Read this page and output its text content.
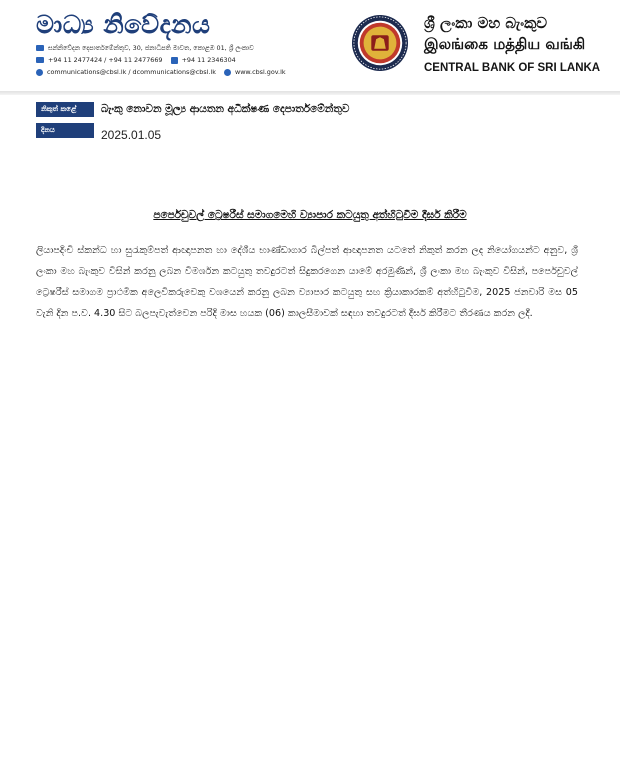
මාධ්‍ය නිවේදනය
සන්නිවේදන දෙපාර්තමේන්තුව, 30, ජනාධිපති මාවත, කොළඹ 01, ශ්‍රී ලංකාව
+94 11 2477424 / +94 11 2477669	+94 11 2346304
communications@cbsl.lk / dcommunications@cbsl.lk	www.cbsl.gov.lk
ශ්‍රී ලංකා මහ බැංකුව
இலங்கை மத்திய வங்கி
CENTRAL BANK OF SRI LANKA
නිකුත් කළේ	බැංකු නොවන මූල්‍ය ආයතන අධීක්ෂණ දෙපාර්තමේන්තුව
දිනය	2025.01.05
පර්පෙචුවල් ට්‍රෙෂරීස් සමාගමෙහි ව්‍යාපාර කටයුතු අත්හිටුවීම දීර්ඝ කිරීම
ලියාපදිංචි ස්කන්ධ හා සුරැකුම්පත් ආඥාපනත හා දේශීය භාණ්ඩාගාර බිල්පත් ආඥාපනත යටතේ නිකුත් කරන ලද නියෝගයන්ට අනුව, ශ්‍රී ලංකා මහ බැංකුව විසින් කරනු ලබන විමර්ශන කටයුතු තවදුරටත් සිදුකරගෙන යාමේ අරමුණින්, ශ්‍රී ලංකා මහ බැංකුව විසින්, පර්පෙචුවල් ට්‍රෙෂරීස් සමාගම ප්‍රාථමික අලෙවිකරුවෙකු වශයෙන් කරනු ලබන ව්‍යාපාර කටයුතු සහ ක්‍රියාකාරකම් අත්හිටුවීම, 2025 ජනවාරි මස 05 වැනි දින ප.ව. 4.30 සිට බලපැවැත්වෙන පරිදි මාස හයක (06) කාලසීමාවක් සඳහා තවදුරටත් දීර්ඝ කිරීමට තීරණය කරන ලදී.
